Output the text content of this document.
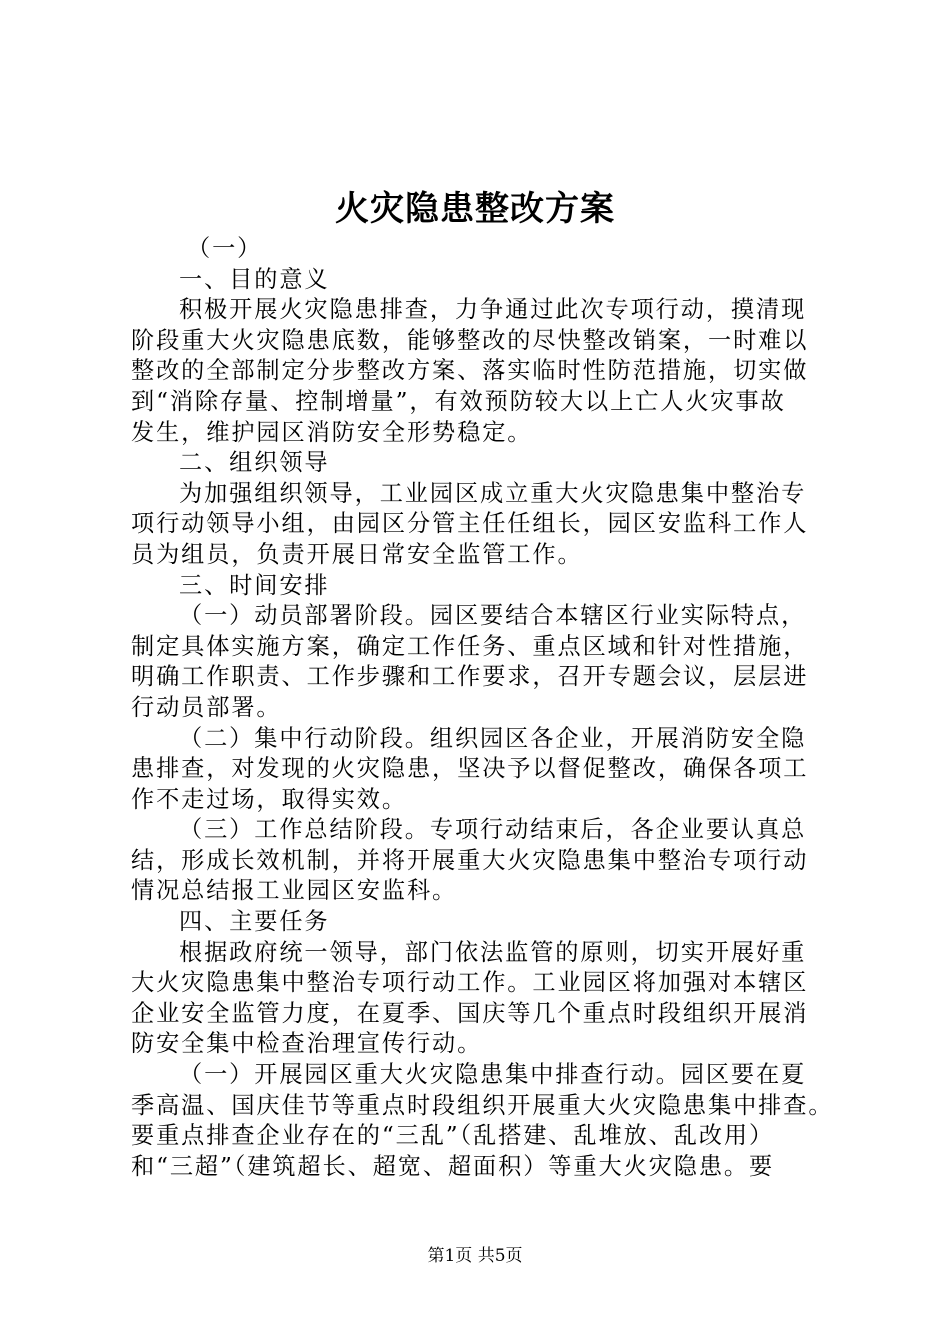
火灾隐患整改方案
（一）
一、目的意义
积极开展火灾隐患排查，力争通过此次专项行动，摸清现
阶段重大火灾隐患底数，能够整改的尽快整改销案，一时难以
整改的全部制定分步整改方案、落实临时性防范措施，切实做
到“消除存量、控制增量”，有效预防较大以上亡人火灾事故
发生，维护园区消防安全形势稳定。
二、组织领导
为加强组织领导，工业园区成立重大火灾隐患集中整治专
项行动领导小组，由园区分管主任任组长，园区安监科工作人
员为组员，负责开展日常安全监管工作。
三、时间安排
（一）动员部署阶段。园区要结合本辖区行业实际特点，
制定具体实施方案，确定工作任务、重点区域和针对性措施，
明确工作职责、工作步骤和工作要求，召开专题会议，层层进
行动员部署。
（二）集中行动阶段。组织园区各企业，开展消防安全隐
患排查，对发现的火灾隐患，坚决予以督促整改，确保各项工
作不走过场，取得实效。
（三）工作总结阶段。专项行动结束后，各企业要认真总
结，形成长效机制，并将开展重大火灾隐患集中整治专项行动
情况总结报工业园区安监科。
四、主要任务
根据政府统一领导，部门依法监管的原则，切实开展好重
大火灾隐患集中整治专项行动工作。工业园区将加强对本辖区
企业安全监管力度，在夏季、国庆等几个重点时段组织开展消
防安全集中检查治理宣传行动。
（一）开展园区重大火灾隐患集中排查行动。园区要在夏
季高温、国庆佳节等重点时段组织开展重大火灾隐患集中排查。
要重点排查企业存在的“三乱”（乱搭建、乱堆放、乱改用）
和“三超”（建筑超长、超宽、超面积）等重大火灾隐患。要
第1页 共5页
